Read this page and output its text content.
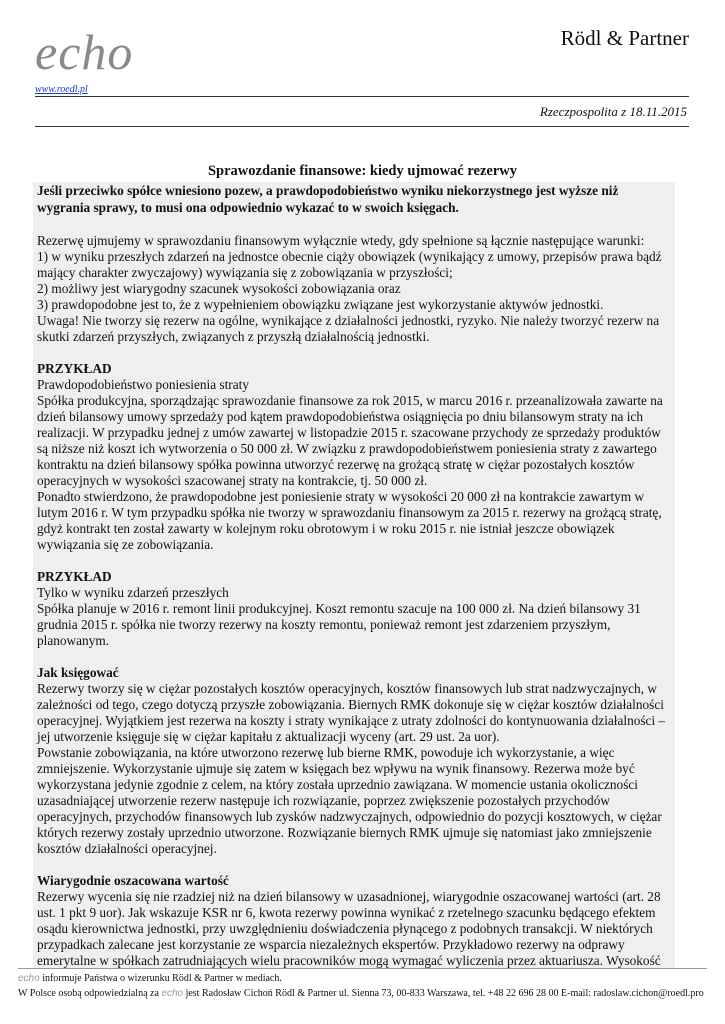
echo
www.roedl.pl
Rödl & Partner
Rzeczpospolita z 18.11.2015
Sprawozdanie finansowe: kiedy ujmować rezerwy

Jeśli przeciwko spółce wniesiono pozew, a prawdopodobieństwo wyniku niekorzystnego jest wyższe niż wygrania sprawy, to musi ona odpowiednio wykazać to w swoich księgach.

Rezerwę ujmujemy w sprawozdaniu finansowym wyłącznie wtedy, gdy spełnione są łącznie następujące warunki:

1) w wyniku przeszłych zdarzeń na jednostce obecnie ciąży obowiązek (wynikający z umowy, przepisów prawa bądź mający charakter zwyczajowy) wywiązania się z zobowiązania w przyszłości;

2) możliwy jest wiarygodny szacunek wysokości zobowiązania oraz

3) prawdopodobne jest to, że z wypełnieniem obowiązku związane jest wykorzystanie aktywów jednostki.

Uwaga! Nie tworzy się rezerw na ogólne, wynikające z działalności jednostki, ryzyko. Nie należy tworzyć rezerw na skutki zdarzeń przyszłych, związanych z przyszłą działalnością jednostki.

PRZYKŁAD

Prawdopodobieństwo poniesienia straty

Spółka produkcyjna, sporządzając sprawozdanie finansowe za rok 2015, w marcu 2016 r. przeanalizowała zawarte na dzień bilansowy umowy sprzedaży pod kątem prawdopodobieństwa osiągnięcia po dniu bilansowym straty na ich realizacji. W przypadku jednej z umów zawartej w listopadzie 2015 r. szacowane przychody ze sprzedaży produktów są niższe niż koszt ich wytworzenia o 50 000 zł. W związku z prawdopodobieństwem poniesienia straty z zawartego kontraktu na dzień bilansowy spółka powinna utworzyć rezerwę na grożącą stratę w ciężar pozostałych kosztów operacyjnych w wysokości szacowanej straty na kontrakcie, tj. 50 000 zł.

Ponadto stwierdzono, że prawdopodobne jest poniesienie straty w wysokości 20 000 zł na kontrakcie zawartym w lutym 2016 r. W tym przypadku spółka nie tworzy w sprawozdaniu finansowym za 2015 r. rezerwy na grożącą stratę, gdyż kontrakt ten został zawarty w kolejnym roku obrotowym i w roku 2015 r. nie istniał jeszcze obowiązek wywiązania się ze zobowiązania.

PRZYKŁAD

Tylko w wyniku zdarzeń przeszłych

Spółka planuje w 2016 r. remont linii produkcyjnej. Koszt remontu szacuje na 100 000 zł. Na dzień bilansowy 31 grudnia 2015 r. spółka nie tworzy rezerwy na koszty remontu, ponieważ remont jest zdarzeniem przyszłym, planowanym.

Jak księgować

Rezerwy tworzy się w ciężar pozostałych kosztów operacyjnych, kosztów finansowych lub strat nadzwyczajnych, w zależności od tego, czego dotyczą przyszłe zobowiązania. Biernych RMK dokonuje się w ciężar kosztów działalności operacyjnej. Wyjątkiem jest rezerwa na koszty i straty wynikające z utraty zdolności do kontynuowania działalności – jej utworzenie księguje się w ciężar kapitału z aktualizacji wyceny (art. 29 ust. 2a uor).

Powstanie zobowiązania, na które utworzono rezerwę lub bierne RMK, powoduje ich wykorzystanie, a więc zmniejszenie. Wykorzystanie ujmuje się zatem w księgach bez wpływu na wynik finansowy. Rezerwa może być wykorzystana jedynie zgodnie z celem, na który została uprzednio zawiązana. W momencie ustania okoliczności uzasadniającej utworzenie rezerw następuje ich rozwiązanie, poprzez zwiększenie pozostałych przychodów operacyjnych, przychodów finansowych lub zysków nadzwyczajnych, odpowiednio do pozycji kosztowych, w ciężar których rezerwy zostały uprzednio utworzone. Rozwiązanie biernych RMK ujmuje się natomiast jako zmniejszenie kosztów działalności operacyjnej.

Wiarygodnie oszacowana wartość

Rezerwy wycenia się nie rzadziej niż na dzień bilansowy w uzasadnionej, wiarygodnie oszacowanej wartości (art. 28 ust. 1 pkt 9 uor). Jak wskazuje KSR nr 6, kwota rezerwy powinna wynikać z rzetelnego szacunku będącego efektem osądu kierownictwa jednostki, przy uwzględnieniu doświadczenia płynącego z podobnych transakcji. W niektórych przypadkach zalecane jest korzystanie ze wsparcia niezależnych ekspertów. Przykładowo rezerwy na odprawy emerytalne w spółkach zatrudniających wielu pracowników mogą wymagać wyliczenia przez aktuariusza. Wysokość

echo informuje Państwa o wizerunku Rödl & Partner w mediach.
W Polsce osobą odpowiedzialną za echo jest Radosław Cichoń Rödl & Partner ul. Sienna 73, 00-833 Warszawa, tel. +48 22 696 28 00 E-mail: radoslaw.cichon@roedl.pro
